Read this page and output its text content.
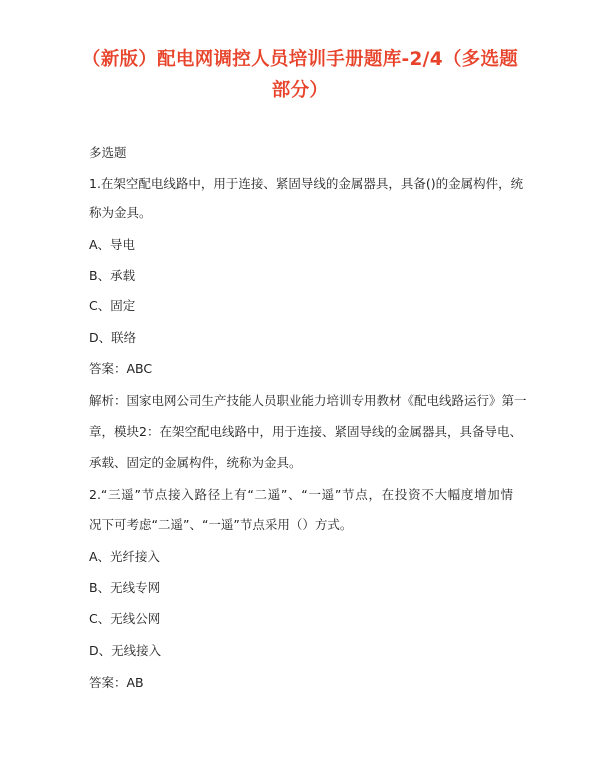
（新版）配电网调控人员培训手册题库-2/4（多选题
部分）
多选题
1.在架空配电线路中，用于连接、紧固导线的金属器具，具备()的金属构件，统
称为金具。
A、导电
B、承载
C、固定
D、联络
答案：ABC
解析：国家电网公司生产技能人员职业能力培训专用教材《配电线路运行》第一
章，模块2：在架空配电线路中，用于连接、紧固导线的金属器具，具备导电、
承载、固定的金属构件，统称为金具。
2.“三遥”节点接入路径上有“二遥”、“一遥”节点，在投资不大幅度增加情
况下可考虑“二遥”、“一遥”节点采用（）方式。
A、光纤接入
B、无线专网
C、无线公网
D、无线接入
答案：AB
